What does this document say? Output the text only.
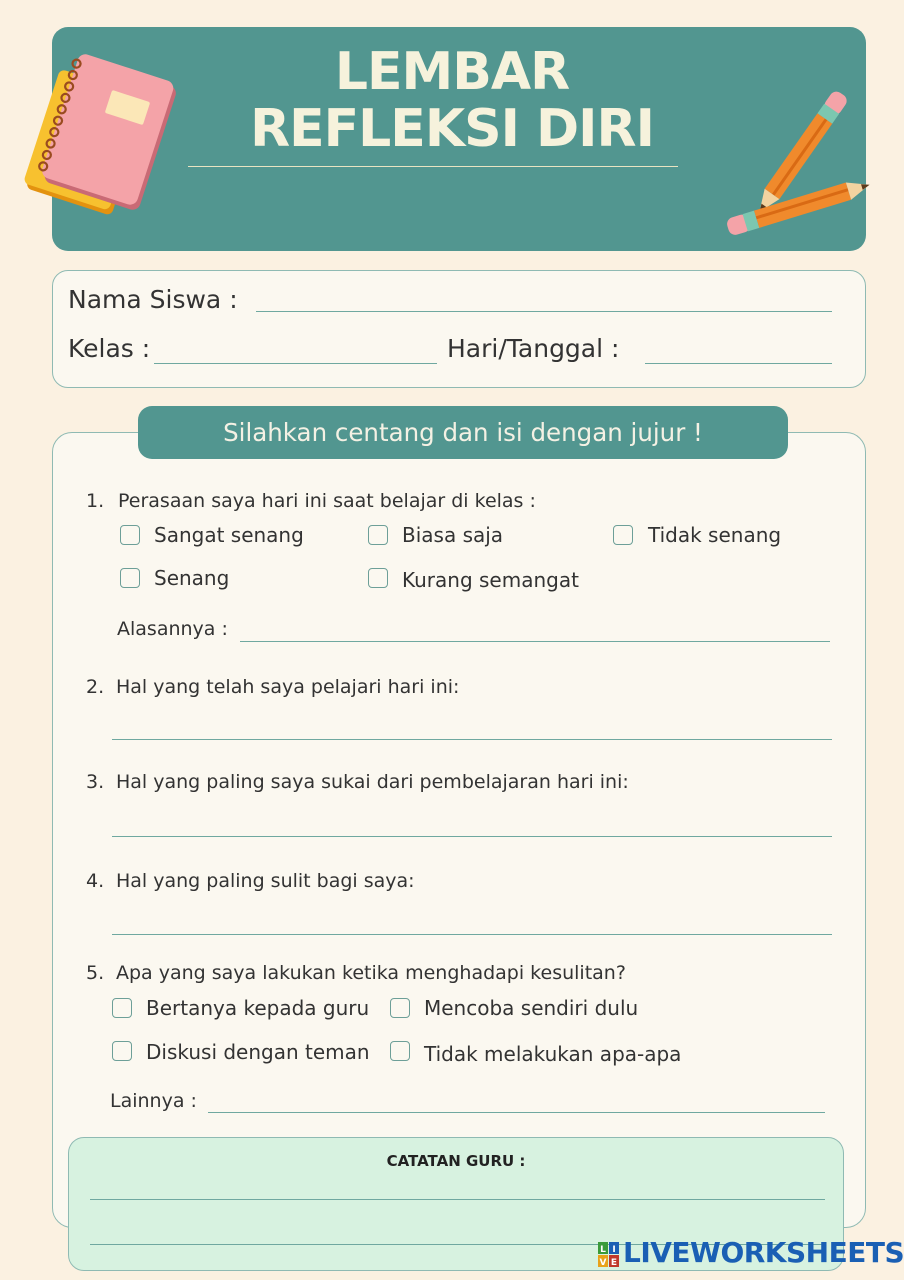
LEMBAR
REFLEKSI DIRI
Nama Siswa :
Kelas :	Hari/Tanggal :
Silahkan centang dan isi dengan jujur !
1. Perasaan saya hari ini saat belajar di kelas :
Sangat senang	Biasa saja	Tidak senang
Senang	Kurang semangat
Alasannya :
2. Hal yang telah saya pelajari hari ini:
3. Hal yang paling saya sukai dari pembelajaran hari ini:
4. Hal yang paling sulit bagi saya:
5. Apa yang saya lakukan ketika menghadapi kesulitan?
Bertanya kepada guru	Mencoba sendiri dulu
Diskusi dengan teman	Tidak melakukan apa-apa
Lainnya :
CATATAN GURU :
L I
V E LIVEWORKSHEETS
